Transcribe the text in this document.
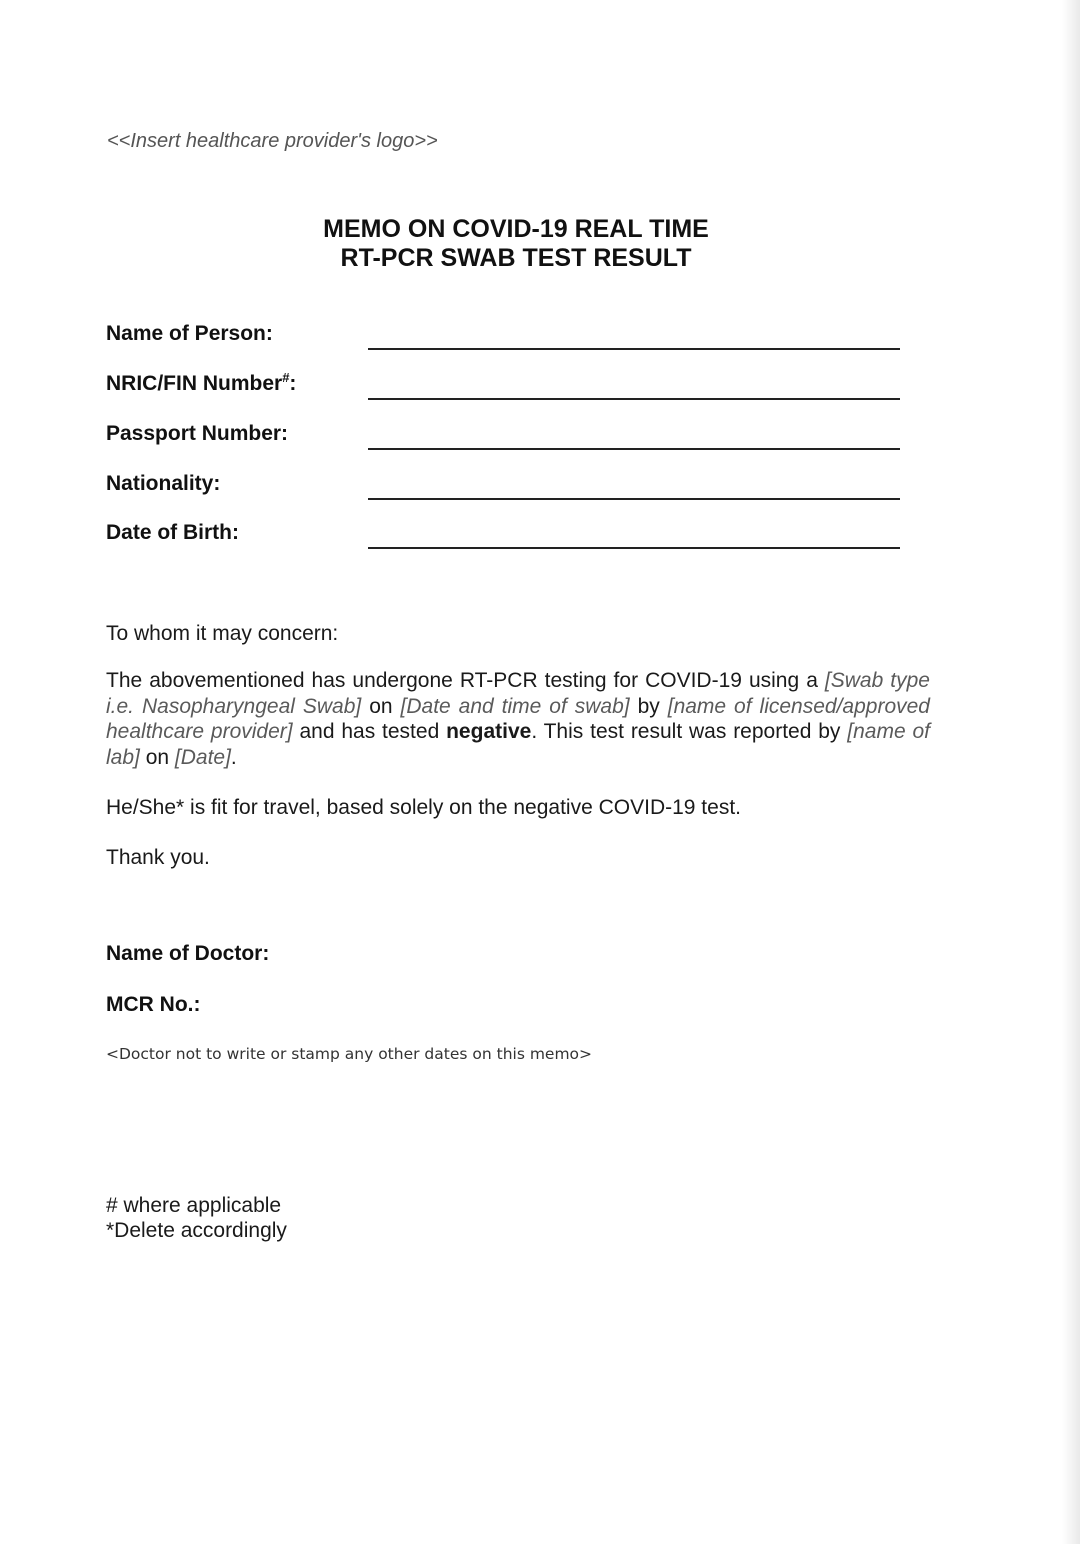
<<Insert healthcare provider's logo>>
MEMO ON COVID-19 REAL TIME
RT-PCR SWAB TEST RESULT
Name of Person:
NRIC/FIN Number#:
Passport Number:
Nationality:
Date of Birth:
To whom it may concern:
The abovementioned has undergone RT-PCR testing for COVID-19 using a [Swab type i.e. Nasopharyngeal Swab] on [Date and time of swab] by [name of licensed/approved healthcare provider] and has tested negative. This test result was reported by [name of lab] on [Date].
He/She* is fit for travel, based solely on the negative COVID-19 test.
Thank you.
Name of Doctor:
MCR No.:
<Doctor not to write or stamp any other dates on this memo>
# where applicable
*Delete accordingly
